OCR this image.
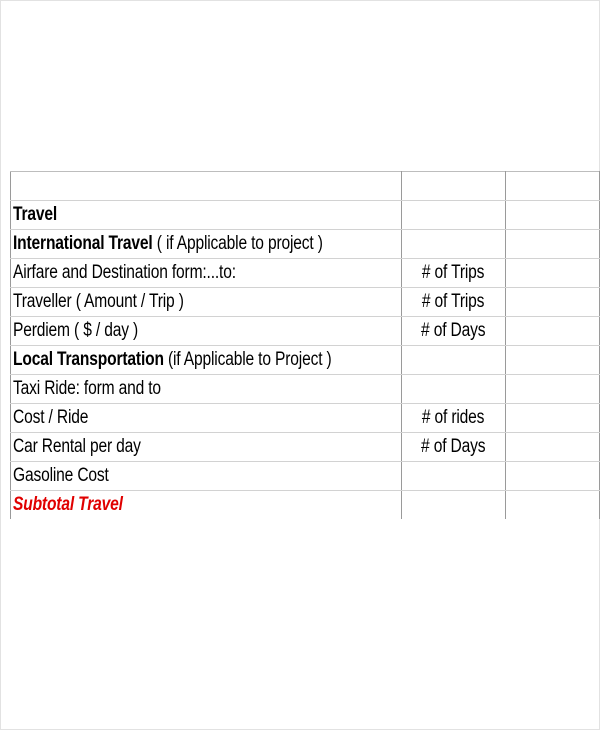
Travel		
International Travel ( if Applicable to project )		
Airfare and Destination form:...to:	# of Trips	
Traveller ( Amount / Trip )	# of Trips	
Perdiem ( $ / day )	# of Days	
Local Transportation (if Applicable to Project )		
Taxi Ride: form and to		
Cost / Ride	# of rides	
Car Rental per day	# of Days	
Gasoline Cost		
Subtotal Travel		
